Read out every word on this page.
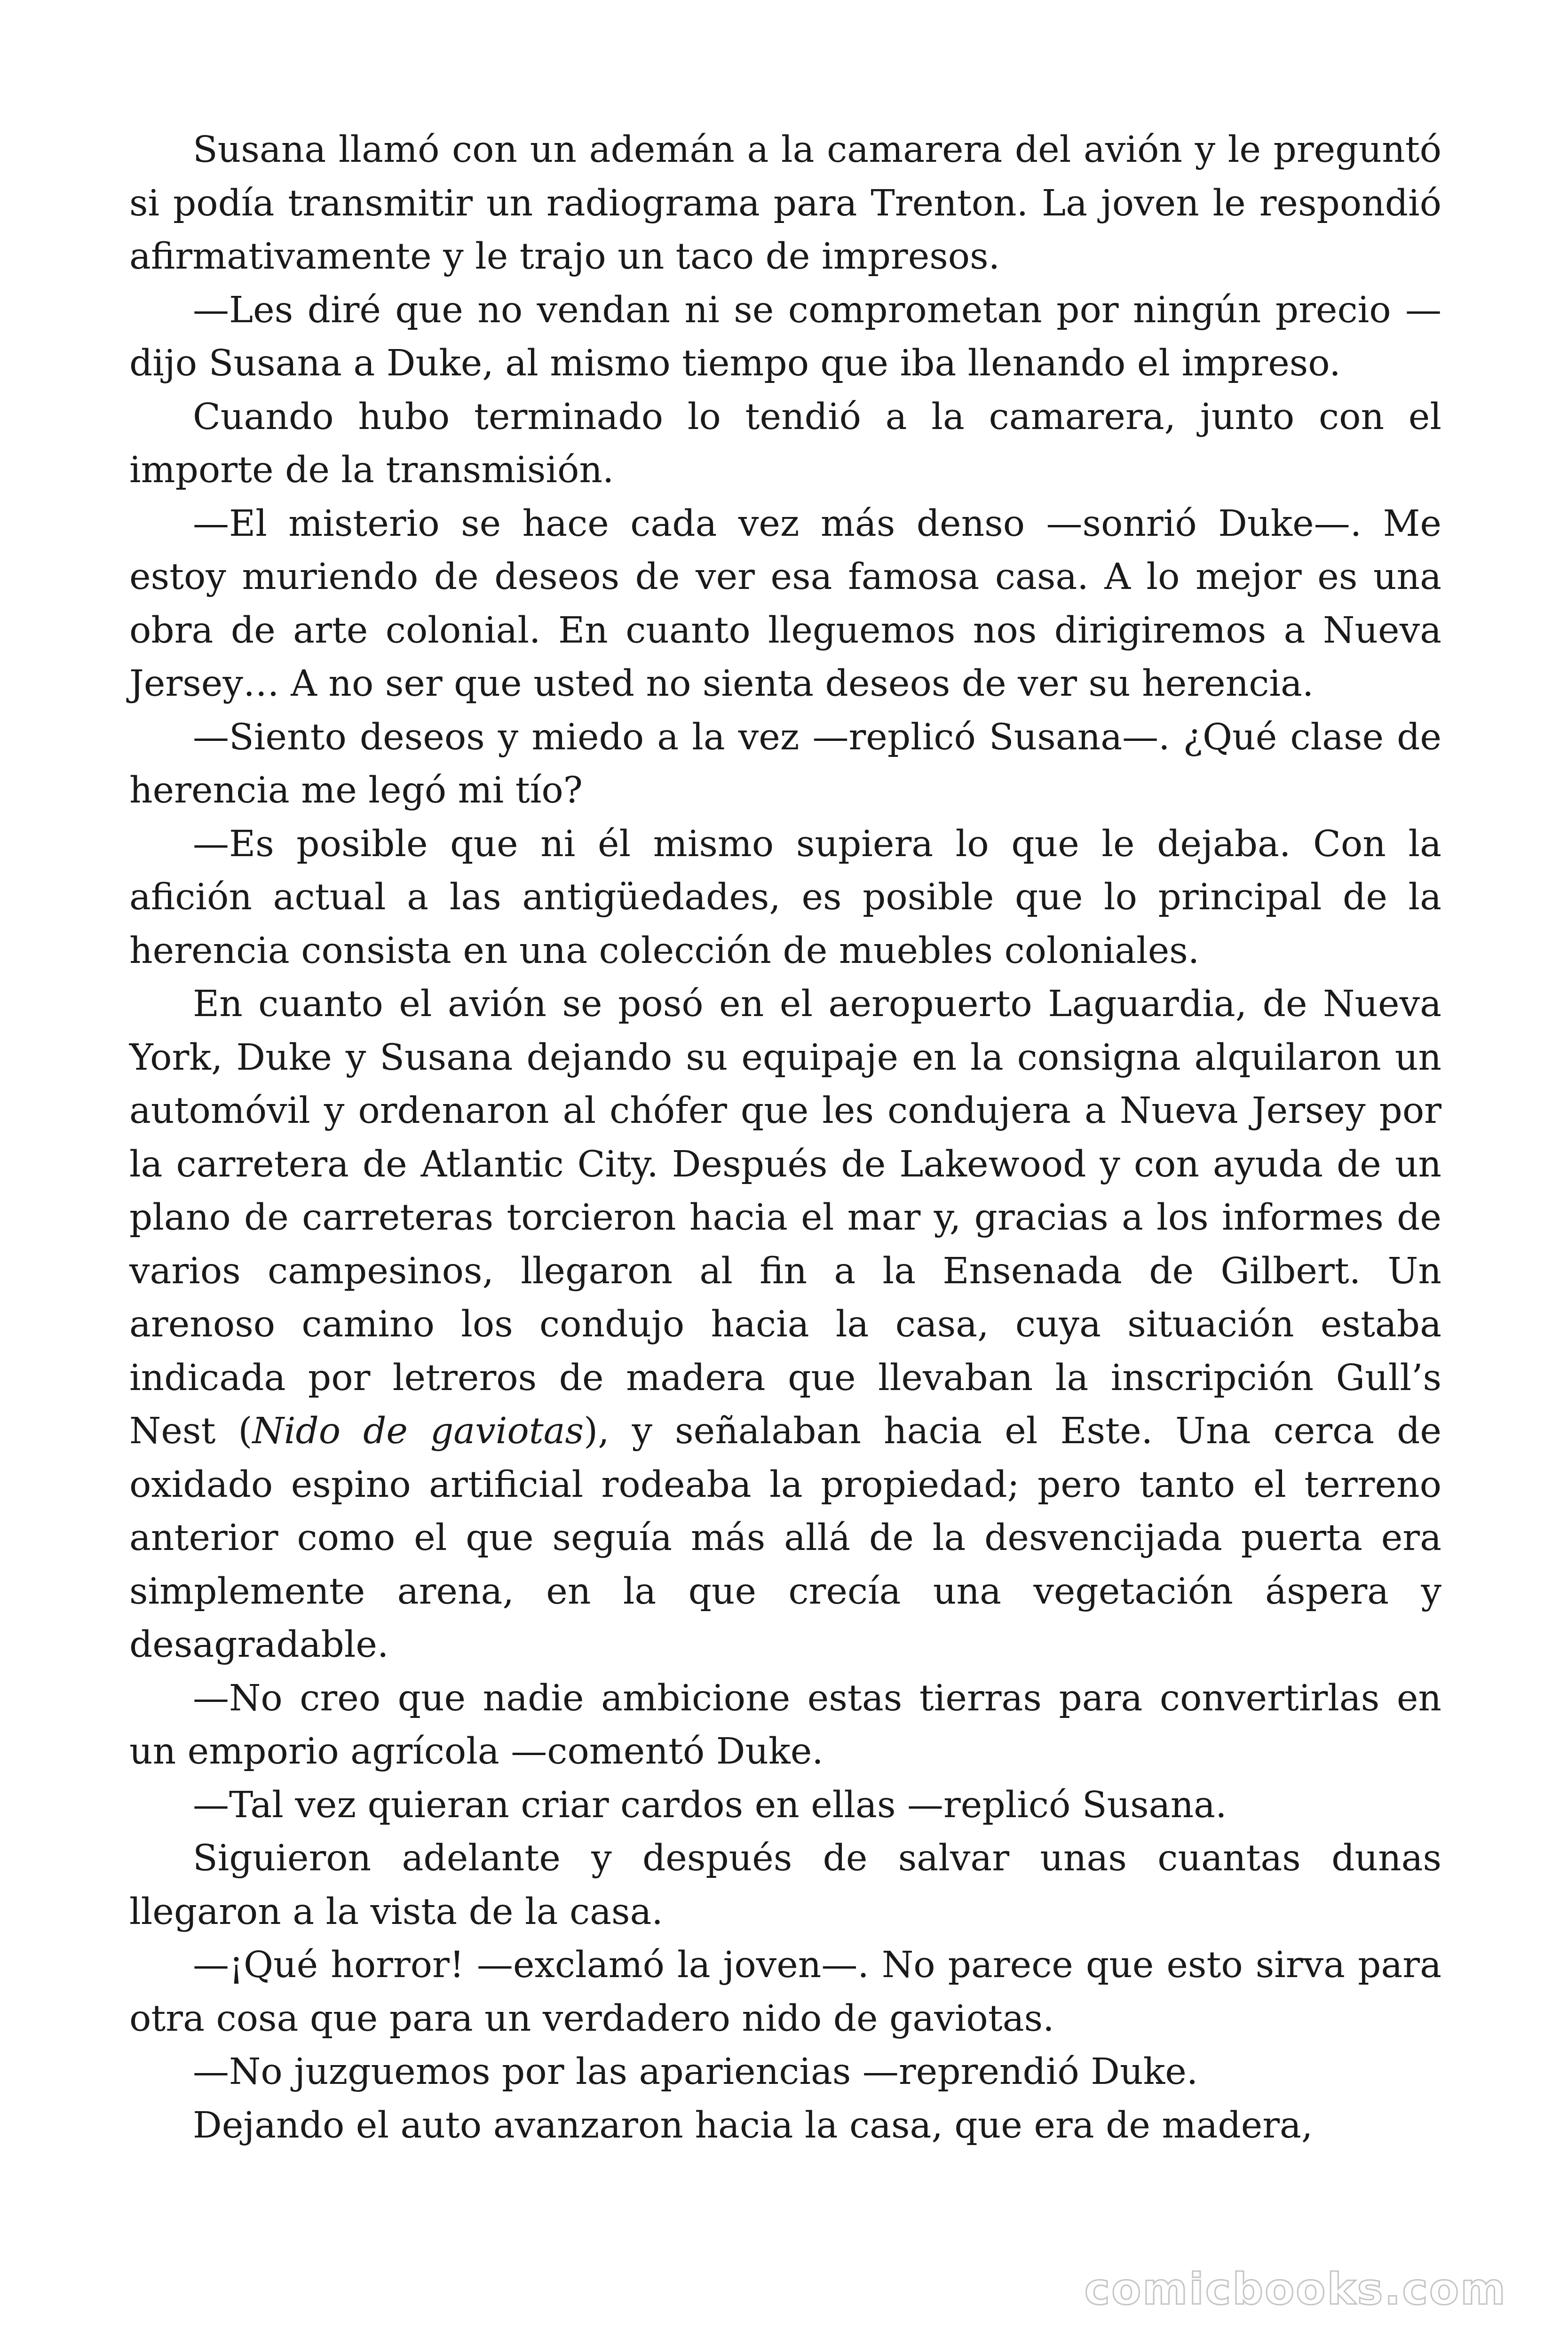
Susana llamó con un ademán a la camarera del avión y le preguntó si podía transmitir un radiograma para Trenton. La joven le respondió afirmativamente y le trajo un taco de impresos.

—Les diré que no vendan ni se comprometan por ningún precio —dijo Susana a Duke, al mismo tiempo que iba llenando el impreso.

Cuando hubo terminado lo tendió a la camarera, junto con el importe de la transmisión.

—El misterio se hace cada vez más denso —sonrió Duke—. Me estoy muriendo de deseos de ver esa famosa casa. A lo mejor es una obra de arte colonial. En cuanto lleguemos nos dirigiremos a Nueva Jersey… A no ser que usted no sienta deseos de ver su herencia.

—Siento deseos y miedo a la vez —replicó Susana—. ¿Qué clase de herencia me legó mi tío?

—Es posible que ni él mismo supiera lo que le dejaba. Con la afición actual a las antigüedades, es posible que lo principal de la herencia consista en una colección de muebles coloniales.

En cuanto el avión se posó en el aeropuerto Laguardia, de Nueva York, Duke y Susana dejando su equipaje en la consigna alquilaron un automóvil y ordenaron al chófer que les condujera a Nueva Jersey por la carretera de Atlantic City. Después de Lakewood y con ayuda de un plano de carreteras torcieron hacia el mar y, gracias a los informes de varios campesinos, llegaron al fin a la Ensenada de Gilbert. Un arenoso camino los condujo hacia la casa, cuya situación estaba indicada por letreros de madera que llevaban la inscripción Gull’s Nest (Nido de gaviotas), y señalaban hacia el Este. Una cerca de oxidado espino artificial rodeaba la propiedad; pero tanto el terreno anterior como el que seguía más allá de la desvencijada puerta era simplemente arena, en la que crecía una vegetación áspera y desagradable.

—No creo que nadie ambicione estas tierras para convertirlas en un emporio agrícola —comentó Duke.

—Tal vez quieran criar cardos en ellas —replicó Susana.

Siguieron adelante y después de salvar unas cuantas dunas llegaron a la vista de la casa.

—¡Qué horror! —exclamó la joven—. No parece que esto sirva para otra cosa que para un verdadero nido de gaviotas.

—No juzguemos por las apariencias —reprendió Duke.

Dejando el auto avanzaron hacia la casa, que era de madera,

comicbooks.com
